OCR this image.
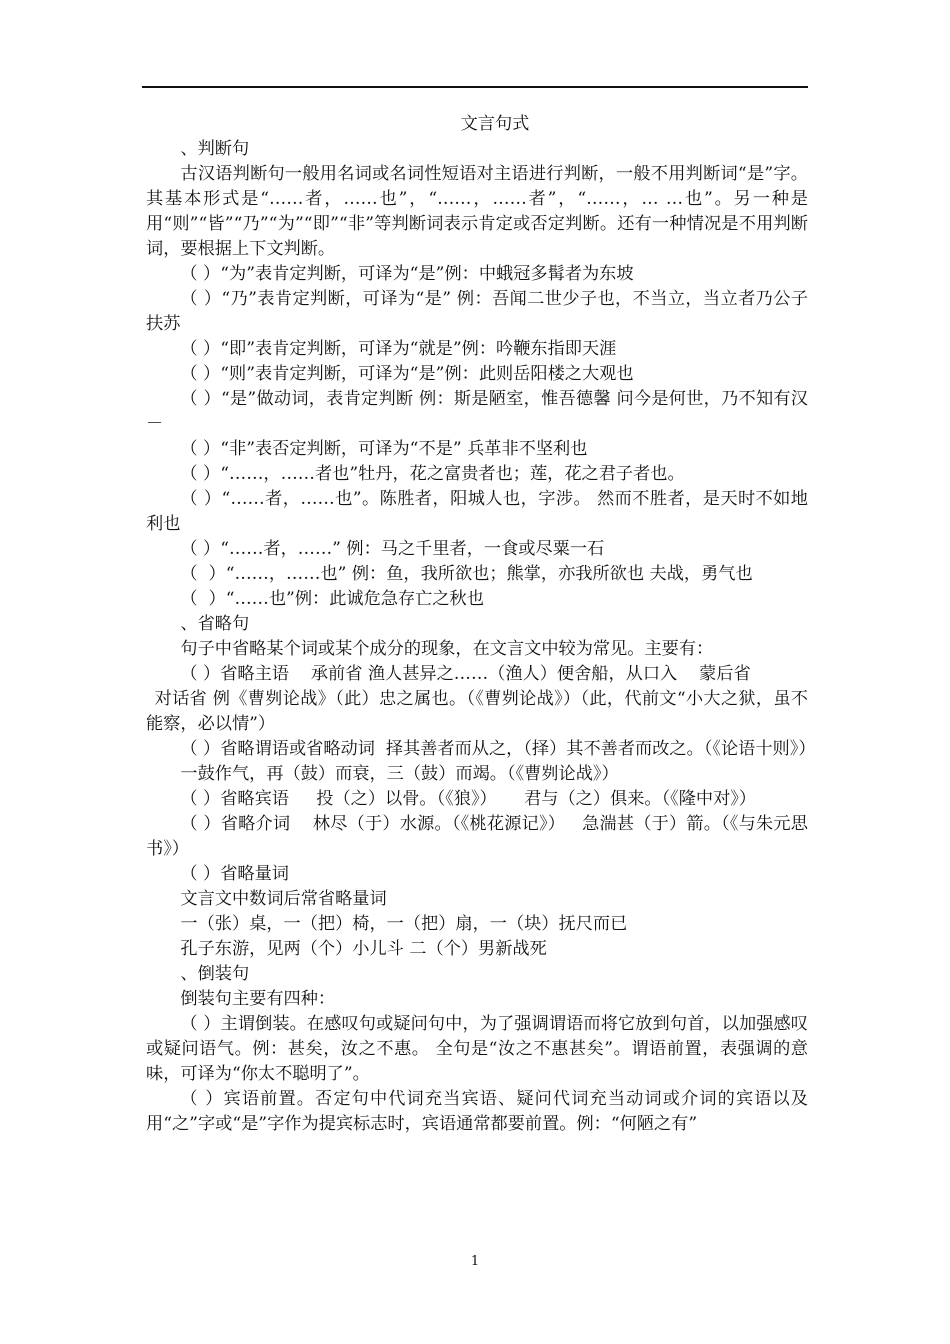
文言句式

、判断句

古汉语判断句一般用名词或名词性短语对主语进行判断，一般不用判断词“是”字。其基本形式是“……者，……也”，“……，……者”，“……，… …也”。另一种是用“则”“皆”“乃”“为”“即”“非”等判断词表示肯定或否定判断。还有一种情况是不用判断词，要根据上下文判断。

（ ）“为”表肯定判断，可译为“是”例：中蛾冠多髯者为东坡

（ ）“乃”表肯定判断，可译为“是” 例：吾闻二世少子也，不当立，当立者乃公子扶苏

（ ）“即”表肯定判断，可译为“就是”例：吟鞭东指即天涯

（ ）“则”表肯定判断，可译为“是”例：此则岳阳楼之大观也

（ ）“是”做动词，表肯定判断 例：斯是陋室，惟吾德馨 问今是何世，乃不知有汉－

（ ）“非”表否定判断，可译为“不是” 兵革非不坚利也

（ ）“……，……者也”牡丹，花之富贵者也；莲，花之君子者也。

（ ）“……者，……也”。陈胜者，阳城人也，字涉。 然而不胜者，是天时不如地利也

（ ）“……者，……” 例：马之千里者，一食或尽粟一石

（  ）“……，……也” 例：鱼，我所欲也；熊掌，亦我所欲也 夫战，勇气也

（  ）“……也”例：此诚危急存亡之秋也

、省略句

句子中省略某个词或某个成分的现象，在文言文中较为常见。主要有：

（ ）省略主语    承前省 渔人甚异之……（渔人）便舍船，从口入    蒙后省

对话省 例《曹刿论战》（此）忠之属也。（《曹刿论战》）（此，代前文“小大之狱，虽不能察，必以情”）

（ ）省略谓语或省略动词  择其善者而从之，（择）其不善者而改之。（《论语十则》）

一鼓作气，再（鼓）而衰，三（鼓）而竭。（《曹刿论战》）

（ ）省略宾语     投（之）以骨。（《狼》）     君与（之）俱来。（《隆中对》）

（ ）省略介词    林尽（于）水源。（《桃花源记》）   急湍甚（于）箭。（《与朱元思书》）

（ ）省略量词

文言文中数词后常省略量词

一（张）桌，一（把）椅，一（把）扇，一（块）抚尺而已

孔子东游，见两（个）小儿斗 二（个）男新战死

、倒装句

倒装句主要有四种：

（ ）主谓倒装。在感叹句或疑问句中，为了强调谓语而将它放到句首，以加强感叹或疑问语气。例：甚矣，汝之不惠。 全句是“汝之不惠甚矣”。谓语前置，表强调的意味，可译为“你太不聪明了”。

（ ）宾语前置。否定句中代词充当宾语、疑问代词充当动词或介词的宾语以及用“之”字或“是”字作为提宾标志时，宾语通常都要前置。例：“何陋之有”

1
